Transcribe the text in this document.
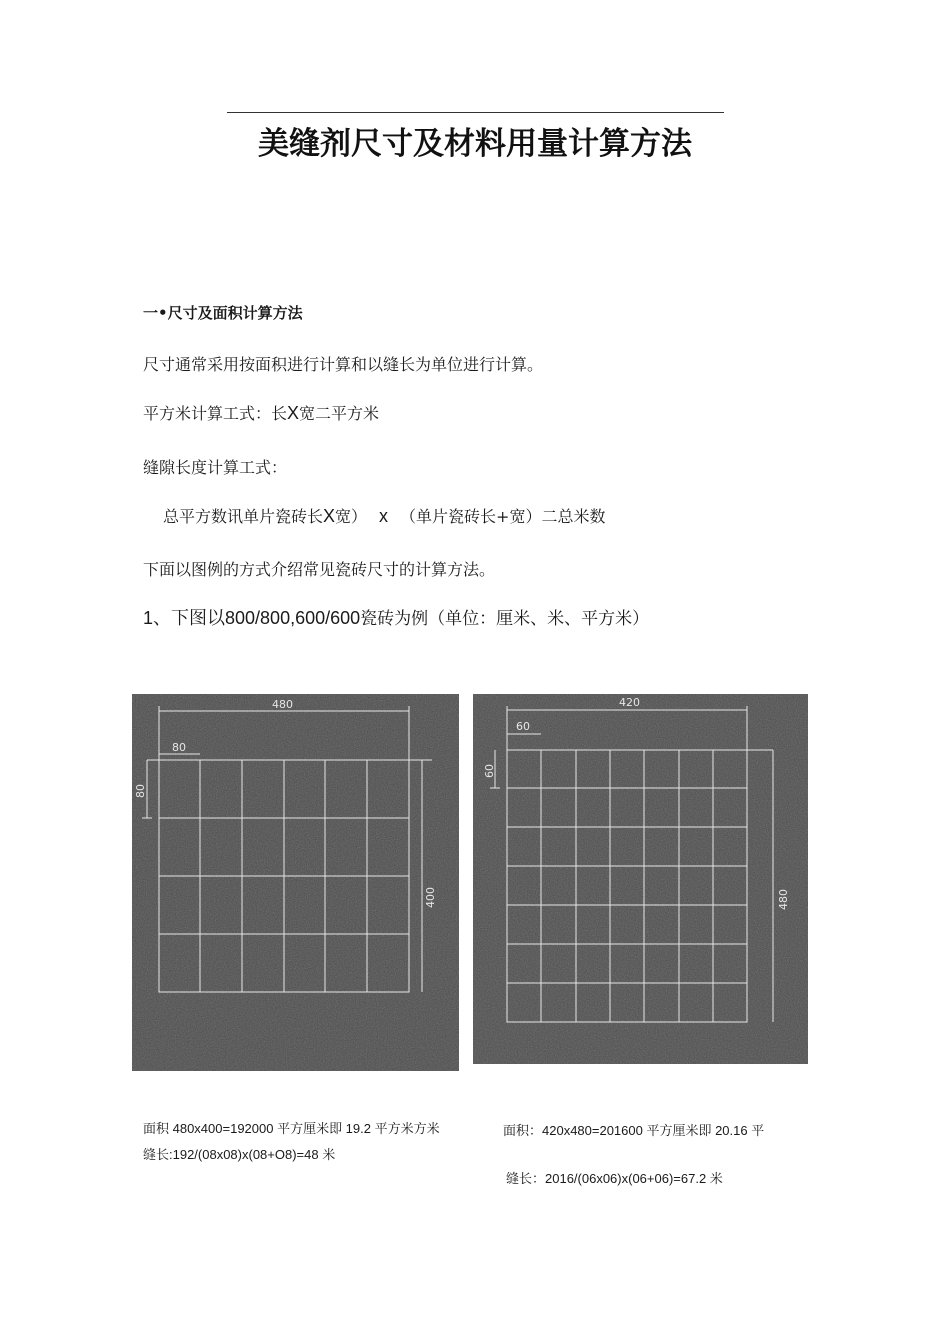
美缝剂尺寸及材料用量计算方法
一•尺寸及面积计算方法
尺寸通常采用按面积进行计算和以缝长为单位进行计算。
平方米计算工式：长X宽二平方米
缝隙长度计算工式：
总平方数讯单片瓷砖长X宽） x （单片瓷砖长+宽）二总米数
下面以图例的方式介绍常见瓷砖尺寸的计算方法。
1、下图以800/800,600/600瓷砖为例（单位：厘米、米、平方米）
480
80
80
400
420
60
60
480
面积 480x400=192000 平方厘米即 19.2 平方米方米
缝长:192/(08x08)x(08+O8)=48 米
面积：420x480=201600 平方厘米即 20.16 平
缝长：2016/(06x06)x(06+06)=67.2 米
